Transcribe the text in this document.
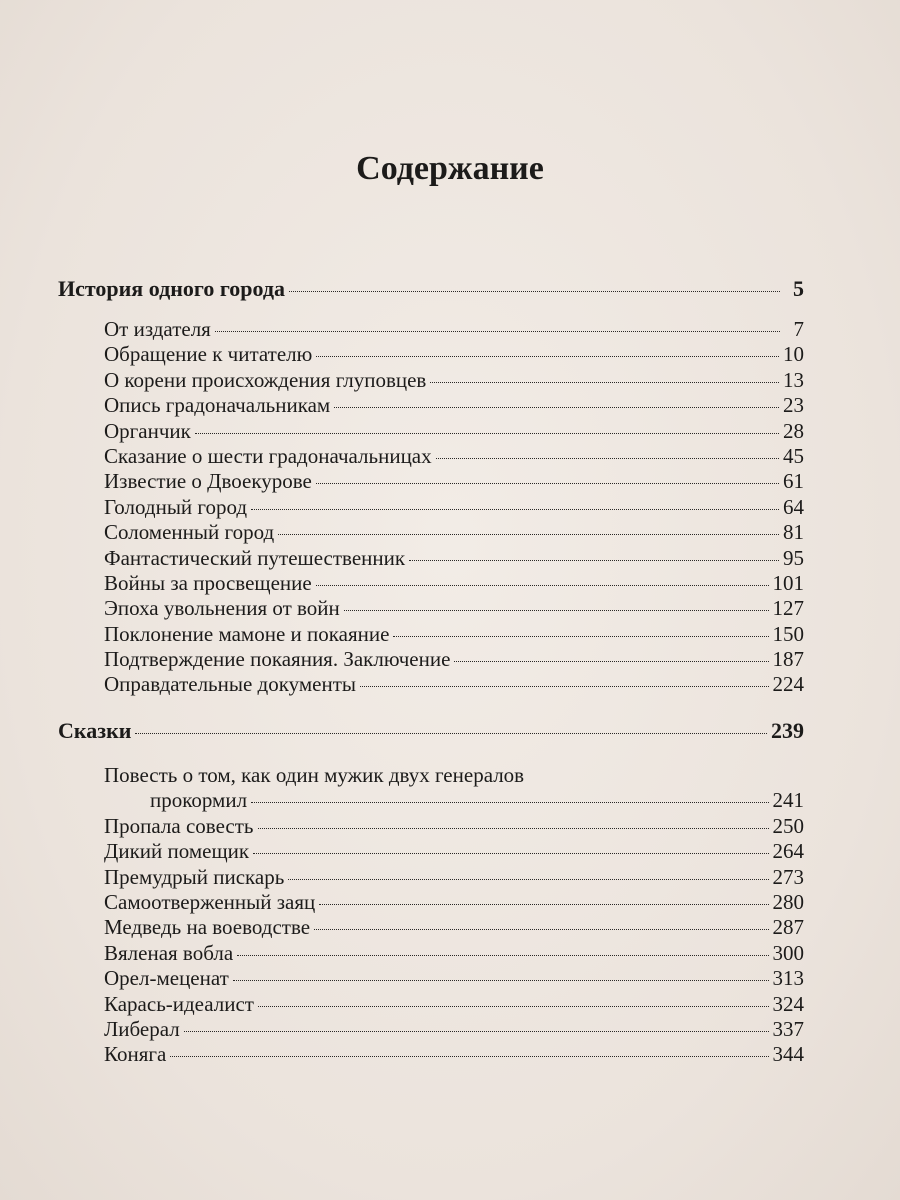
Содержание
История одного города	5
От издателя	7
Обращение к читателю	10
О корени происхождения глуповцев	13
Опись градоначальникам	23
Органчик	28
Сказание о шести градоначальницах	45
Известие о Двоекурове	61
Голодный город	64
Соломенный город	81
Фантастический путешественник	95
Войны за просвещение	101
Эпоха увольнения от войн	127
Поклонение мамоне и покаяние	150
Подтверждение покаяния. Заключение	187
Оправдательные документы	224
Сказки	239
Повесть о том, как один мужик двух генералов
прокормил	241
Пропала совесть	250
Дикий помещик	264
Премудрый пискарь	273
Самоотверженный заяц	280
Медведь на воеводстве	287
Вяленая вобла	300
Орел-меценат	313
Карась-идеалист	324
Либерал	337
Коняга	344
